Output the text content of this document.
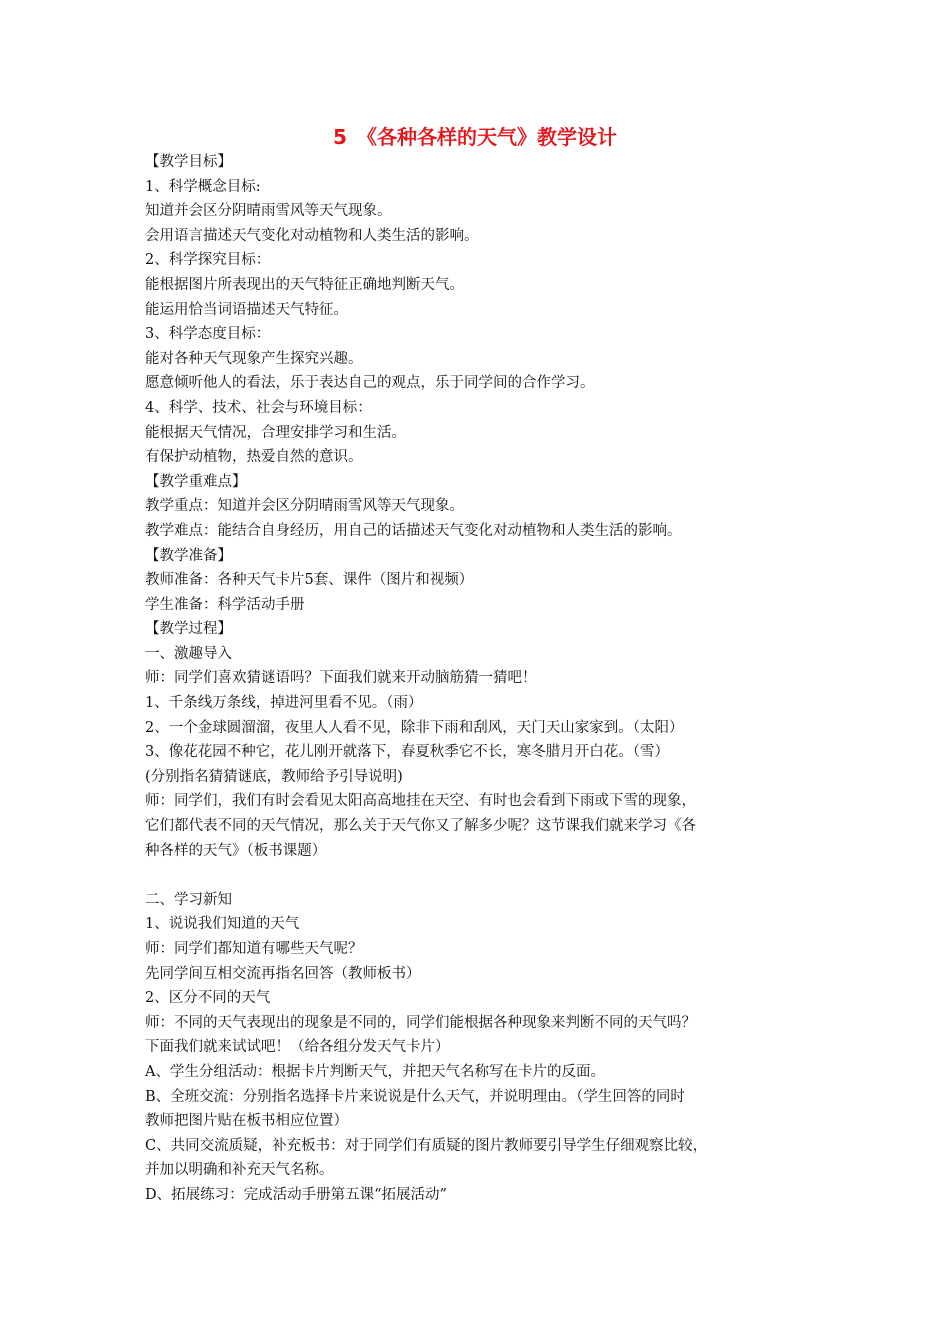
5　《各种各样的天气》教学设计
【教学目标】
1、科学概念目标:
知道并会区分阴晴雨雪风等天气现象。
会用语言描述天气变化对动植物和人类生活的影响。
2、科学探究目标：
能根据图片所表现出的天气特征正确地判断天气。
能运用恰当词语描述天气特征。
3、科学态度目标：
能对各种天气现象产生探究兴趣。
愿意倾听他人的看法，乐于表达自己的观点，乐于同学间的合作学习。
4、科学、技术、社会与环境目标：
能根据天气情况，合理安排学习和生活。
有保护动植物，热爱自然的意识。
【教学重难点】
教学重点：知道并会区分阴晴雨雪风等天气现象。
教学难点：能结合自身经历，用自己的话描述天气变化对动植物和人类生活的影响。
【教学准备】
教师准备：各种天气卡片5套、课件（图片和视频）
学生准备：科学活动手册
【教学过程】
一、激趣导入
师：同学们喜欢猜谜语吗？下面我们就来开动脑筋猜一猜吧！
1、千条线万条线，掉进河里看不见。（雨）
2、一个金球圆溜溜，夜里人人看不见，除非下雨和刮风，天门天山家家到。（太阳）
3、像花花园不种它，花儿刚开就落下，春夏秋季它不长，寒冬腊月开白花。（雪）
(分别指名猜猜谜底，教师给予引导说明)
师：同学们，我们有时会看见太阳高高地挂在天空、有时也会看到下雨或下雪的现象，
它们都代表不同的天气情况，那么关于天气你又了解多少呢？这节课我们就来学习《各
种各样的天气》（板书课题）
二、学习新知
1、说说我们知道的天气
师：同学们都知道有哪些天气呢？
先同学间互相交流再指名回答（教师板书）
2、区分不同的天气
师：不同的天气表现出的现象是不同的，同学们能根据各种现象来判断不同的天气吗？
下面我们就来试试吧！（给各组分发天气卡片）
A、学生分组活动：根据卡片判断天气，并把天气名称写在卡片的反面。
B、全班交流：分别指名选择卡片来说说是什么天气，并说明理由。（学生回答的同时
教师把图片贴在板书相应位置）
C、共同交流质疑，补充板书：对于同学们有质疑的图片教师要引导学生仔细观察比较，
并加以明确和补充天气名称。
D、拓展练习：完成活动手册第五课“拓展活动”
